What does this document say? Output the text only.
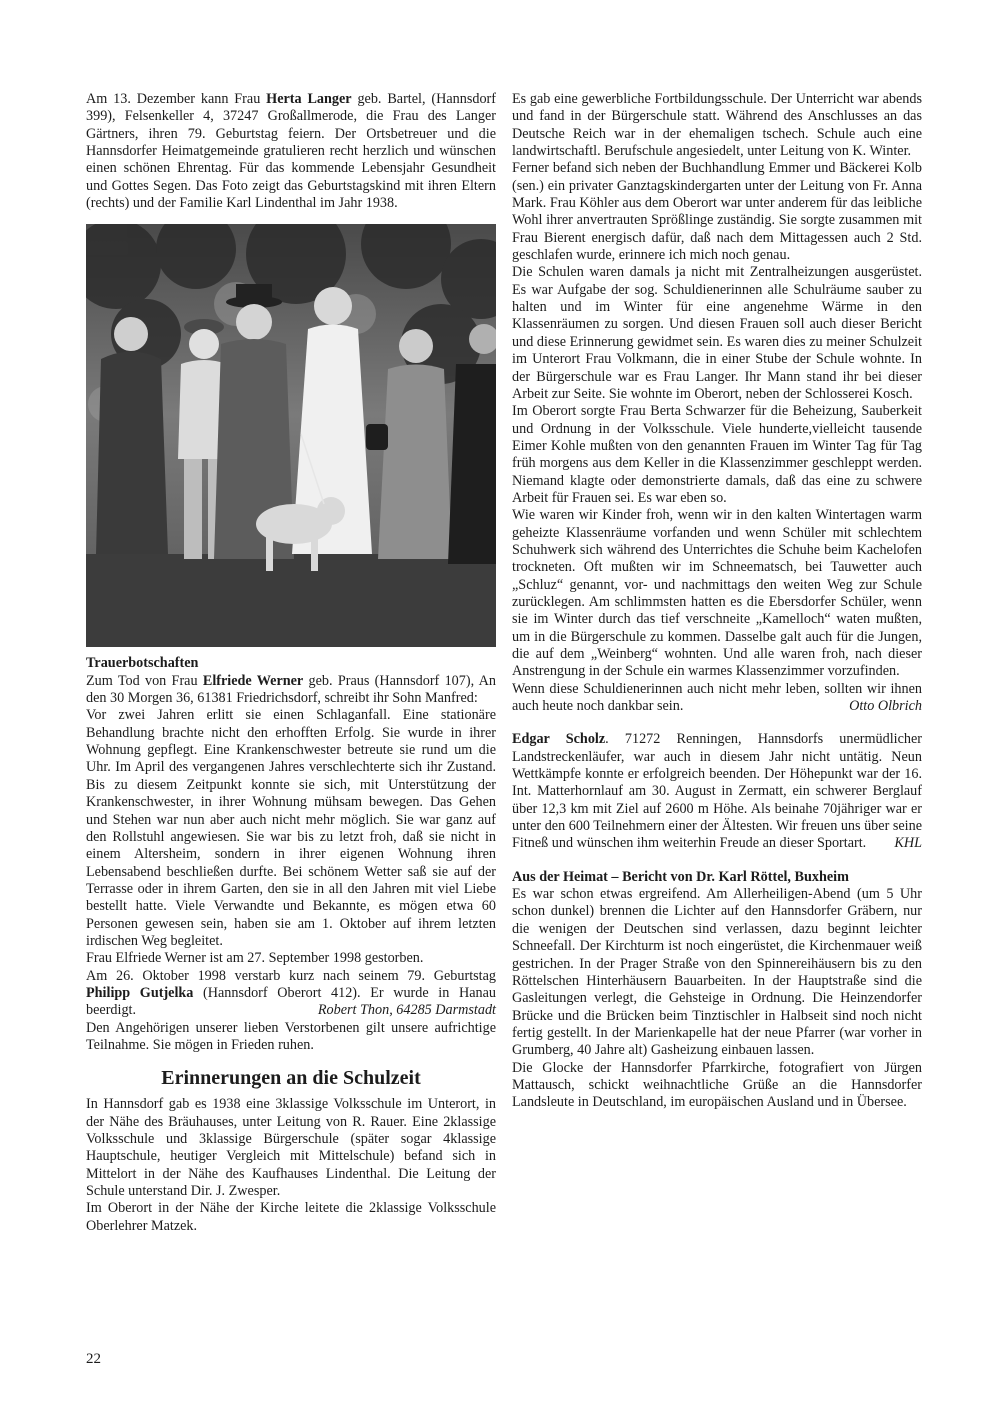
Am 13. Dezember kann Frau Herta Langer geb. Bartel, (Hannsdorf 399), Felsenkeller 4, 37247 Großallmerode, die Frau des Langer Gärtners, ihren 79. Geburtstag feiern. Der Ortsbetreuer und die Hannsdorfer Heimatgemeinde gratulieren recht herzlich und wünschen einen schönen Ehrentag. Für das kommende Lebensjahr Gesundheit und Gottes Segen. Das Foto zeigt das Geburtstagskind mit ihren Eltern (rechts) und der Familie Karl Lindenthal im Jahr 1938.

Trauerbotschaften

Zum Tod von Frau Elfriede Werner geb. Praus (Hannsdorf 107), An den 30 Morgen 36, 61381 Friedrichsdorf, schreibt ihr Sohn Manfred:

Vor zwei Jahren erlitt sie einen Schlaganfall. Eine stationäre Behandlung brachte nicht den erhofften Erfolg. Sie wurde in ihrer Wohnung gepflegt. Eine Krankenschwester betreute sie rund um die Uhr. Im April des vergangenen Jahres verschlechterte sich ihr Zustand. Bis zu diesem Zeitpunkt konnte sie sich, mit Unterstützung der Krankenschwester, in ihrer Wohnung mühsam bewegen. Das Gehen und Stehen war nun aber auch nicht mehr möglich. Sie war ganz auf den Rollstuhl angewiesen. Sie war bis zu letzt froh, daß sie nicht in einem Altersheim, sondern in ihrer eigenen Wohnung ihren Lebensabend beschließen durfte. Bei schönem Wetter saß sie auf der Terrasse oder in ihrem Garten, den sie in all den Jahren mit viel Liebe bestellt hatte. Viele Verwandte und Bekannte, es mögen etwa 60 Personen gewesen sein, haben sie am 1. Oktober auf ihrem letzten irdischen Weg begleitet.

Frau Elfriede Werner ist am 27. September 1998 gestorben.

Am 26. Oktober 1998 verstarb kurz nach seinem 79. Geburtstag Philipp Gutjelka (Hannsdorf Oberort 412). Er wurde in Hanau beerdigt.	Robert Thon, 64285 Darmstadt

Den Angehörigen unserer lieben Verstorbenen gilt unsere aufrichtige Teilnahme. Sie mögen in Frieden ruhen.

Erinnerungen an die Schulzeit

In Hannsdorf gab es 1938 eine 3klassige Volksschule im Unterort, in der Nähe des Bräuhauses, unter Leitung von R. Rauer. Eine 2klassige Volksschule und 3klassige Bürgerschule (später sogar 4klassige Hauptschule, heutiger Vergleich mit Mittelschule) befand sich in Mittelort in der Nähe des Kaufhauses Lindenthal. Die Leitung der Schule unterstand Dir. J. Zwesper.

Im Oberort in der Nähe der Kirche leitete die 2klassige Volksschule Oberlehrer Matzek.

Es gab eine gewerbliche Fortbildungsschule. Der Unterricht war abends und fand in der Bürgerschule statt. Während des Anschlusses an das Deutsche Reich war in der ehemaligen tschech. Schule auch eine landwirtschaftl. Berufschule angesiedelt, unter Leitung von K. Winter.

Ferner befand sich neben der Buchhandlung Emmer und Bäckerei Kolb (sen.) ein privater Ganztagskindergarten unter der Leitung von Fr. Anna Mark. Frau Köhler aus dem Oberort war unter anderem für das leibliche Wohl ihrer anvertrauten Sprößlinge zuständig. Sie sorgte zusammen mit Frau Bierent energisch dafür, daß nach dem Mittagessen auch 2 Std. geschlafen wurde, erinnere ich mich noch genau.

Die Schulen waren damals ja nicht mit Zentralheizungen ausgerüstet. Es war Aufgabe der sog. Schuldienerinnen alle Schulräume sauber zu halten und im Winter für eine angenehme Wärme in den Klassenräumen zu sorgen. Und diesen Frauen soll auch dieser Bericht und diese Erinnerung gewidmet sein. Es waren dies zu meiner Schulzeit im Unterort Frau Volkmann, die in einer Stube der Schule wohnte. In der Bürgerschule war es Frau Langer. Ihr Mann stand ihr bei dieser Arbeit zur Seite. Sie wohnte im Oberort, neben der Schlosserei Kosch.

Im Oberort sorgte Frau Berta Schwarzer für die Beheizung, Sauberkeit und Ordnung in der Volksschule. Viele hunderte,vielleicht tausende Eimer Kohle mußten von den genannten Frauen im Winter Tag für Tag früh morgens aus dem Keller in die Klassenzimmer geschleppt werden. Niemand klagte oder demonstrierte damals, daß das eine zu schwere Arbeit für Frauen sei. Es war eben so.

Wie waren wir Kinder froh, wenn wir in den kalten Wintertagen warm geheizte Klassenräume vorfanden und wenn Schüler mit schlechtem Schuhwerk sich während des Unterrichtes die Schuhe beim Kachelofen trockneten. Oft mußten wir im Schneematsch, bei Tauwetter auch „Schluz“ genannt, vor- und nachmittags den weiten Weg zur Schule zurücklegen. Am schlimmsten hatten es die Ebersdorfer Schüler, wenn sie im Winter durch das tief verschneite „Kamelloch“ waten mußten, um in die Bürgerschule zu kommen. Dasselbe galt auch für die Jungen, die auf dem „Weinberg“ wohnten. Und alle waren froh, nach dieser Anstrengung in der Schule ein warmes Klassenzimmer vorzufinden.

Wenn diese Schuldienerinnen auch nicht mehr leben, sollten wir ihnen auch heute noch dankbar sein.	Otto Olbrich

Edgar Scholz. 71272 Renningen, Hannsdorfs unermüdlicher Landstreckenläufer, war auch in diesem Jahr nicht untätig. Neun Wettkämpfe konnte er erfolgreich beenden. Der Höhepunkt war der 16. Int. Matterhornlauf am 30. August in Zermatt, ein schwerer Berglauf über 12,3 km mit Ziel auf 2600 m Höhe. Als beinahe 70jähriger war er unter den 600 Teilnehmern einer der Ältesten. Wir freuen uns über seine Fitneß und wünschen ihm weiterhin Freude an dieser Sportart. KHL

Aus der Heimat – Bericht von Dr. Karl Röttel, Buxheim

Es war schon etwas ergreifend. Am Allerheiligen-Abend (um 5 Uhr schon dunkel) brennen die Lichter auf den Hannsdorfer Gräbern, nur die wenigen der Deutschen sind verlassen, dazu beginnt leichter Schneefall. Der Kirchturm ist noch eingerüstet, die Kirchenmauer weiß gestrichen. In der Prager Straße von den Spinnereihäusern bis zu den Röttelschen Hinterhäusern Bauarbeiten. In der Hauptstraße sind die Gasleitungen verlegt, die Gehsteige in Ordnung. Die Heinzendorfer Brücke und die Brücken beim Tinztischler in Halbseit sind noch nicht fertig gestellt. In der Marienkapelle hat der neue Pfarrer (war vorher in Grumberg, 40 Jahre alt) Gasheizung einbauen lassen.

Die Glocke der Hannsdorfer Pfarrkirche, fotografiert von Jürgen Mattausch, schickt weihnachtliche Grüße an die Hannsdorfer Landsleute in Deutschland, im europäischen Ausland und in Übersee.

22
